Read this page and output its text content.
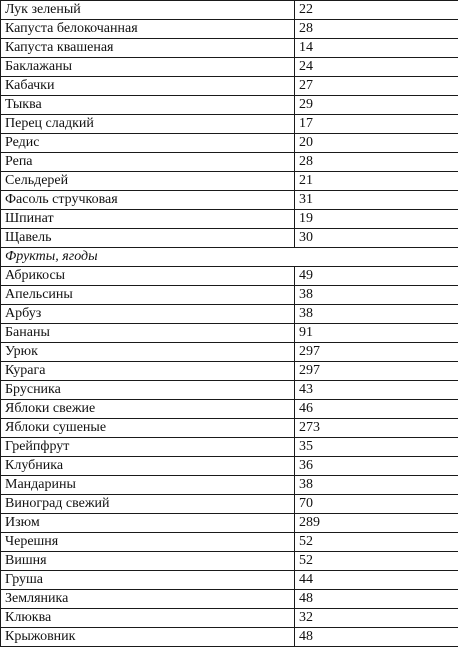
Лук зеленый	22
Капуста белокочанная	28
Капуста квашеная	14
Баклажаны	24
Кабачки	27
Тыква	29
Перец сладкий	17
Редис	20
Репа	28
Сельдерей	21
Фасоль стручковая	31
Шпинат	19
Щавель	30
Фрукты, ягоды	
Абрикосы	49
Апельсины	38
Арбуз	38
Бананы	91
Урюк	297
Курага	297
Брусника	43
Яблоки свежие	46
Яблоки сушеные	273
Грейпфрут	35
Клубника	36
Мандарины	38
Виноград свежий	70
Изюм	289
Черешня	52
Вишня	52
Груша	44
Земляника	48
Клюква	32
Крыжовник	48
